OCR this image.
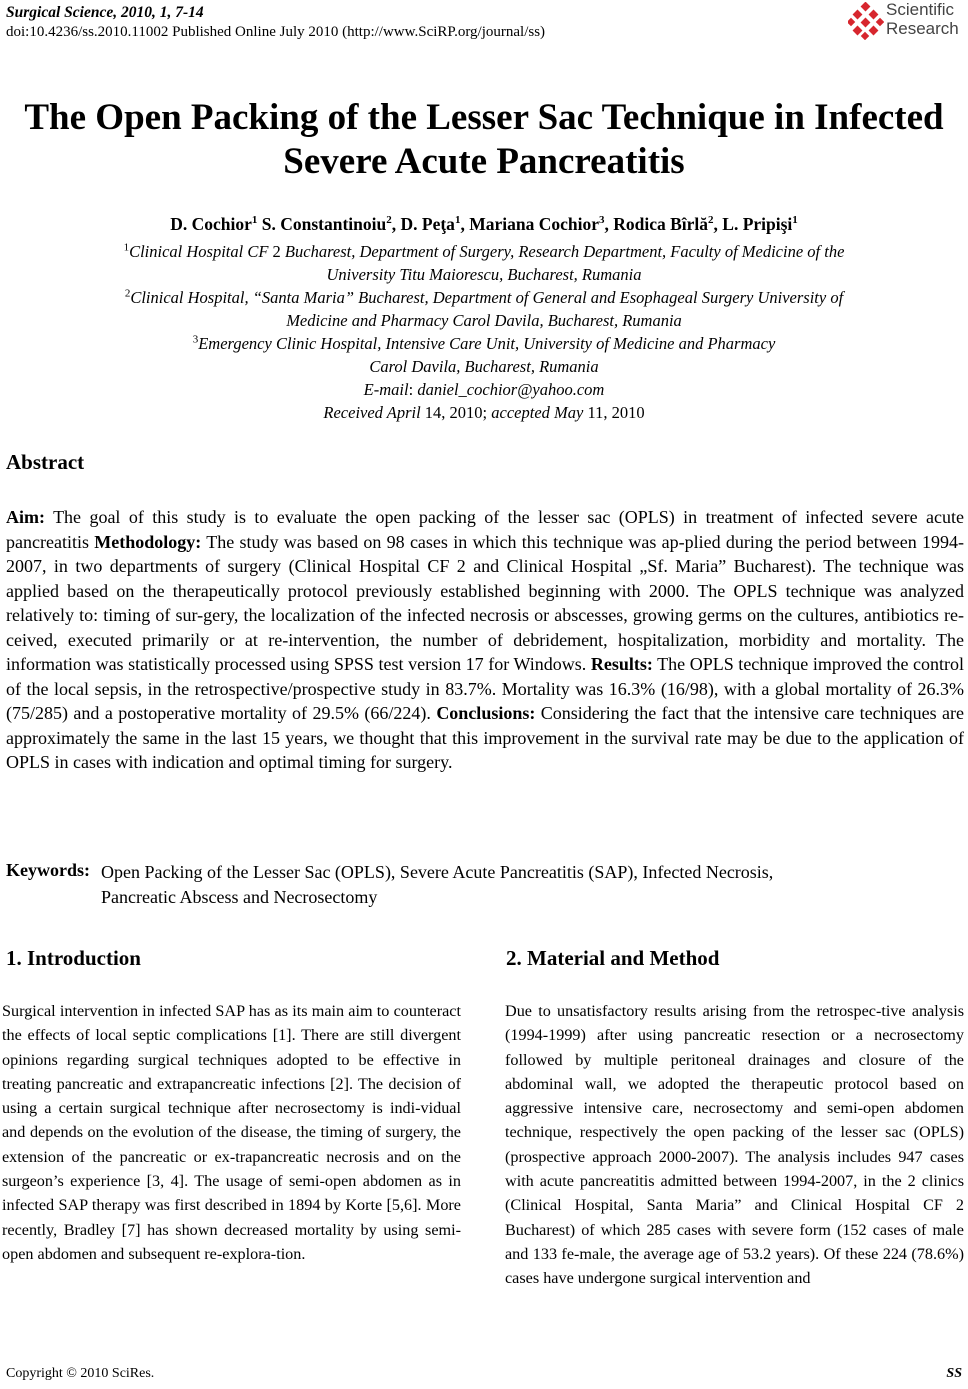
Surgical Science, 2010, 1, 7-14
doi:10.4236/ss.2010.11002 Published Online July 2010 (http://www.SciRP.org/journal/ss)
Scientific
Research
The Open Packing of the Lesser Sac Technique in Infected
Severe Acute Pancreatitis
D. Cochior$^1$ S. Constantinoiu$^2$, D. Peţa$^1$, Mariana Cochior$^3$, Rodica Bîrlă$^2$, L. Pripişi$^1$
$^1$Clinical Hospital CF 2 Bucharest, Department of Surgery, Research Department, Faculty of Medicine of the
University Titu Maiorescu, Bucharest, Rumania
$^2$Clinical Hospital, “Santa Maria” Bucharest, Department of General and Esophageal Surgery University of
Medicine and Pharmacy Carol Davila, Bucharest, Rumania
$^3$Emergency Clinic Hospital, Intensive Care Unit, University of Medicine and Pharmacy
Carol Davila, Bucharest, Rumania
E-mail: daniel_cochior@yahoo.com
Received April 14, 2010; accepted May 11, 2010
Abstract
Aim: The goal of this study is to evaluate the open packing of the lesser sac (OPLS) in treatment of infected severe acute pancreatitis Methodology: The study was based on 98 cases in which this technique was ap-plied during the period between 1994-2007, in two departments of surgery (Clinical Hospital CF 2 and Clinical Hospital „Sf. Maria” Bucharest). The technique was applied based on the therapeutically protocol previously established beginning with 2000. The OPLS technique was analyzed relatively to: timing of sur-gery, the localization of the infected necrosis or abscesses, growing germs on the cultures, antibiotics re-ceived, executed primarily or at re-intervention, the number of debridement, hospitalization, morbidity and mortality. The information was statistically processed using SPSS test version 17 for Windows. Results: The OPLS technique improved the control of the local sepsis, in the retrospective/prospective study in 83.7%. Mortality was 16.3% (16/98), with a global mortality of 26.3% (75/285) and a postoperative mortality of 29.5% (66/224). Conclusions: Considering the fact that the intensive care techniques are approximately the same in the last 15 years, we thought that this improvement in the survival rate may be due to the application of OPLS in cases with indication and optimal timing for surgery.
Keywords: Open Packing of the Lesser Sac (OPLS), Severe Acute Pancreatitis (SAP), Infected Necrosis,
Pancreatic Abscess and Necrosectomy
1. Introduction
Surgical intervention in infected SAP has as its main aim to counteract the effects of local septic complications [1]. There are still divergent opinions regarding surgical techniques adopted to be effective in treating pancreatic and extrapancreatic infections [2]. The decision of using a certain surgical technique after necrosectomy is indi-vidual and depends on the evolution of the disease, the timing of surgery, the extension of the pancreatic or ex-trapancreatic necrosis and on the surgeon’s experience [3, 4]. The usage of semi-open abdomen as in infected SAP therapy was first described in 1894 by Korte [5,6]. More recently, Bradley [7] has shown decreased mortality by using semi-open abdomen and subsequent re-explora-tion.
2. Material and Method
Due to unsatisfactory results arising from the retrospec-tive analysis (1994-1999) after using pancreatic resection or a necrosectomy followed by multiple peritoneal drainages and closure of the abdominal wall, we adopted the therapeutic protocol based on aggressive intensive care, necrosectomy and semi-open abdomen technique, respectively the open packing of the lesser sac (OPLS) (prospective approach 2000-2007). The analysis includes 947 cases with acute pancreatitis admitted between 1994-2007, in the 2 clinics (Clinical Hospital, Santa Maria” and Clinical Hospital CF 2 Bucharest) of which 285 cases with severe form (152 cases of male and 133 fe-male, the average age of 53.2 years). Of these 224 (78.6%) cases have undergone surgical intervention and
Copyright © 2010 SciRes.	SS
